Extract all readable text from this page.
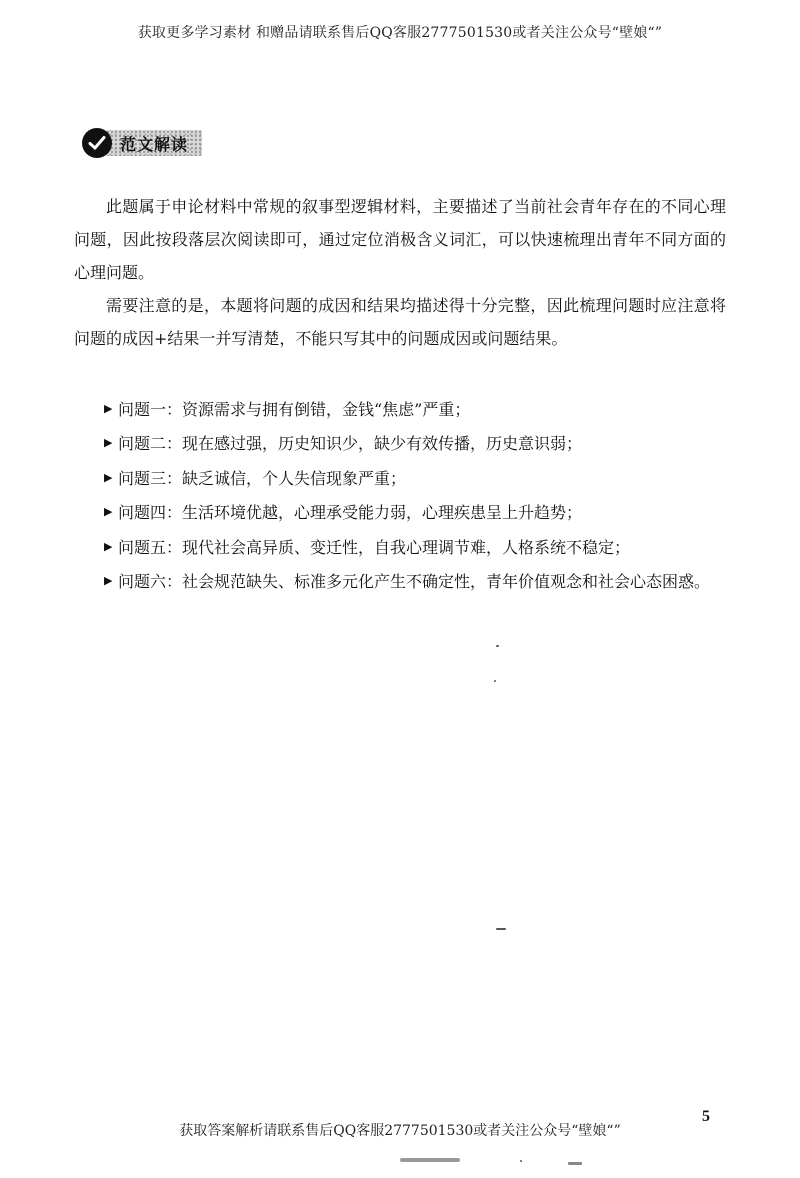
获取更多学习素材 和赠品请联系售后QQ客服2777501530或者关注公众号“壁娘“”
范文解读

此题属于申论材料中常规的叙事型逻辑材料，主要描述了当前社会青年存在的不同心理问题，因此按段落层次阅读即可，通过定位消极含义词汇，可以快速梳理出青年不同方面的心理问题。

需要注意的是，本题将问题的成因和结果均描述得十分完整，因此梳理问题时应注意将问题的成因+结果一并写清楚，不能只写其中的问题成因或问题结果。

▶ 问题一：资源需求与拥有倒错，金钱“焦虑”严重；
▶ 问题二：现在感过强，历史知识少，缺少有效传播，历史意识弱；
▶ 问题三：缺乏诚信，个人失信现象严重；
▶ 问题四：生活环境优越，心理承受能力弱，心理疾患呈上升趋势；
▶ 问题五：现代社会高异质、变迁性，自我心理调节难，人格系统不稳定；
▶ 问题六：社会规范缺失、标准多元化产生不确定性，青年价值观念和社会心态困惑。
获取答案解析请联系售后QQ客服2777501530或者关注公众号“壁娘“”
5
